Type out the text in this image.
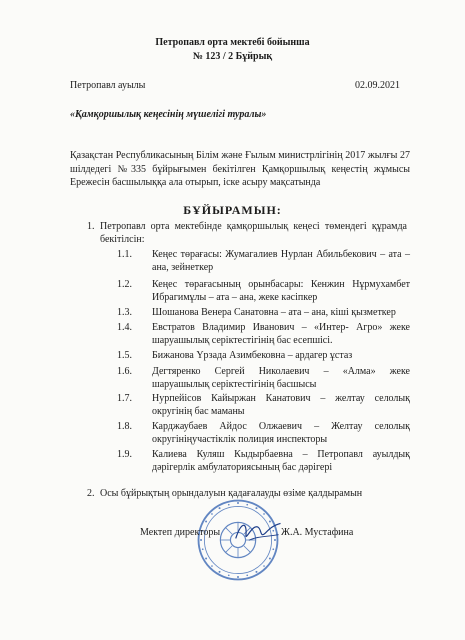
Петропавл орта мектебі бойынша
№ 123 / 2 Бұйрық
Петропавл ауылы	02.09.2021
«Қамқоршылық кеңесінің мүшелігі туралы»
Қазақстан Республикасының Білім және Ғылым министрлігінің 2017 жылғы 27 шілдедегі №335 бұйрығымен бекітілген Қамқоршылық кеңестің жұмысы Ережесін басшылыққа ала отырып, іске асыру мақсатында
БҰЙЫРАМЫН:
1. Петропавл орта мектебінде қамқоршылық кеңесі төмендегі құрамда бекітілсін:
1.1. Кеңес төрағасы: Жумагалиев Нурлан Абильбекович – ата – ана, зейнеткер
1.2. Кеңес төрағасының орынбасары: Кенжин Нұрмухамбет Ибрагимұлы – ата – ана, жеке кәсіпкер
1.3. Шошанова Венера Санатовна – ата – ана, кіші қызметкер
1.4. Евстратов Владимир Иванович – «Интер- Агро» жеке шаруашылық серіктестігінің бас есепшісі.
1.5. Бижанова Үрзада Азимбековна – ардагер ұстаз
1.6. Дегтяренко Сергей Николаевич – «Алма» жеке шаруашылық серіктестігінің басшысы
1.7. Нурпейісов Кайыржан Канатович – желтау селолық округінің бас маманы
1.8. Карджаубаев Айдос Олжаевич – Желтау селолық округініңучастіклік полиция инспекторы
1.9. Калиева Куляш Кыдырбаевна – Петропавл ауылдық дәрігерлік амбулаториясының бас дәрігері
2. Осы бұйрықтың орындалуын қадағалауды өзіме қалдырамын
Мектеп директоры	Ж.А. Мустафина
